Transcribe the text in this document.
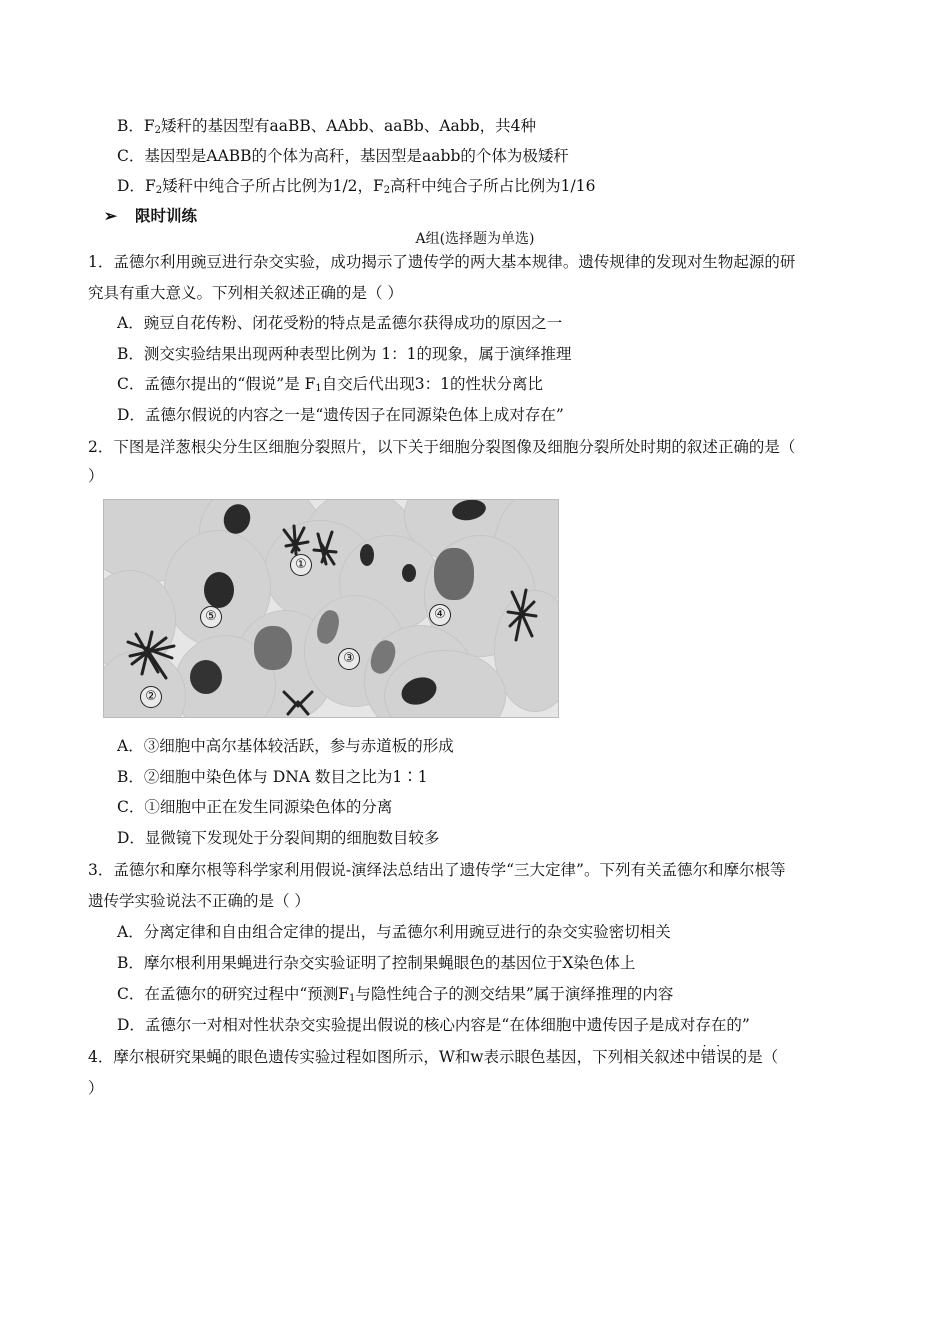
B．$F_2$矮秆的基因型有aaBB、AAbb、aaBb、Aabb，共4种
C．基因型是AABB的个体为高秆，基因型是aabb的个体为极矮秆
D．$F_2$矮秆中纯合子所占比例为1/2，$F_2$高秆中纯合子所占比例为1/16
➢ 限时训练
A组(选择题为单选)
1．孟德尔利用豌豆进行杂交实验，成功揭示了遗传学的两大基本规律。遗传规律的发现对生物起源的研
究具有重大意义。下列相关叙述正确的是（ ）
A．豌豆自花传粉、闭花受粉的特点是孟德尔获得成功的原因之一
B．测交实验结果出现两种表型比例为 1：1的现象，属于演绎推理
C．孟德尔提出的“假说”是 $F_1$自交后代出现3：1的性状分离比
D．孟德尔假说的内容之一是“遗传因子在同源染色体上成对存在”
2．下图是洋葱根尖分生区细胞分裂照片，以下关于细胞分裂图像及细胞分裂所处时期的叙述正确的是（
）
①
②
③
④
⑤
A．③细胞中高尔基体较活跃，参与赤道板的形成
B．②细胞中染色体与 DNA 数目之比为1∶1
C．①细胞中正在发生同源染色体的分离
D．显微镜下发现处于分裂间期的细胞数目较多
3．孟德尔和摩尔根等科学家利用假说-演绎法总结出了遗传学“三大定律”。下列有关孟德尔和摩尔根等
遗传学实验说法不正确的是（ ）
A．分离定律和自由组合定律的提出，与孟德尔利用豌豆进行的杂交实验密切相关
B．摩尔根利用果蝇进行杂交实验证明了控制果蝇眼色的基因位于X染色体上
C．在孟德尔的研究过程中“预测$F_1$与隐性纯合子的测交结果”属于演绎推理的内容
D．孟德尔一对相对性状杂交实验提出假说的核心内容是“在体细胞中遗传因子是成对存在的”
4．摩尔根研究果蝇的眼色遗传实验过程如图所示，W和w表示眼色基因，下列相关叙述中· · 错误的是（
）
